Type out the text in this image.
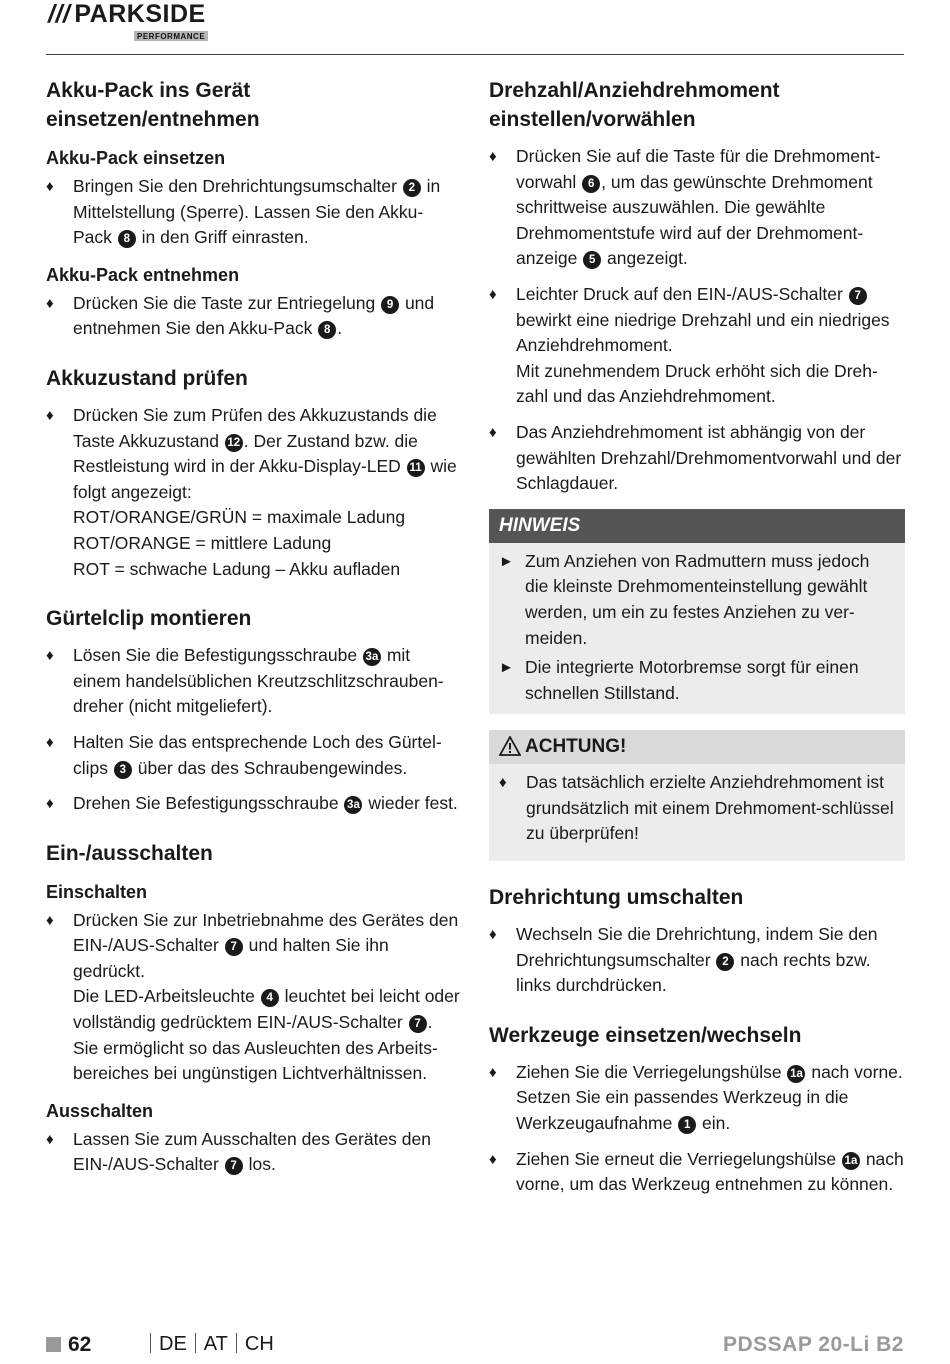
/// PARKSIDE
PERFORMANCE
Akku-Pack ins Gerät einsetzen/entnehmen
Akku-Pack einsetzen
♦ Bringen Sie den Drehrichtungsumschalter 2 in Mittelstellung (Sperre). Lassen Sie den Akku-Pack 8 in den Griff einrasten.
Akku-Pack entnehmen
♦ Drücken Sie die Taste zur Entriegelung 9 und entnehmen Sie den Akku-Pack 8 .
Akkuzustand prüfen
♦ Drücken Sie zum Prüfen des Akkuzustands die Taste Akkuzustand 12 . Der Zustand bzw. die Restleistung wird in der Akku-Display-LED 11 wie folgt angezeigt:
ROT/ORANGE/GRÜN = maximale Ladung
ROT/ORANGE = mittlere Ladung
ROT = schwache Ladung – Akku aufladen
Gürtelclip montieren
♦ Lösen Sie die Befestigungsschraube 3a mit einem handelsüblichen Kreutzschlitzschrauben-dreher (nicht mitgeliefert).
♦ Halten Sie das entsprechende Loch des Gürtel-clips 3 über das des Schraubengewindes.
♦ Drehen Sie Befestigungsschraube 3a wieder fest.
Ein-/ausschalten
Einschalten
♦ Drücken Sie zur Inbetriebnahme des Gerätes den EIN-/AUS-Schalter 7 und halten Sie ihn gedrückt.
Die LED-Arbeitsleuchte 4 leuchtet bei leicht oder vollständig gedrücktem EIN-/AUS-Schalter 7 .
Sie ermöglicht so das Ausleuchten des Arbeits-bereiches bei ungünstigen Lichtverhältnissen.
Ausschalten
♦ Lassen Sie zum Ausschalten des Gerätes den EIN-/AUS-Schalter 7 los.
Drehzahl/Anziehdrehmoment einstellen/vorwählen
♦ Drücken Sie auf die Taste für die Drehmoment-vorwahl 6 , um das gewünschte Drehmoment schrittweise auszuwählen. Die gewählte Drehmomentstufe wird auf der Drehmoment-anzeige 5 angezeigt.
♦ Leichter Druck auf den EIN-/AUS-Schalter 7 bewirkt eine niedrige Drehzahl und ein niedriges Anziehdrehmoment.
Mit zunehmendem Druck erhöht sich die Dreh-zahl und das Anziehdrehmoment.
♦ Das Anziehdrehmoment ist abhängig von der gewählten Drehzahl/Drehmomentvorwahl und der Schlagdauer.
HINWEIS
► Zum Anziehen von Radmuttern muss jedoch die kleinste Drehmomenteinstellung gewählt werden, um ein zu festes Anziehen zu ver-meiden.
► Die integrierte Motorbremse sorgt für einen schnellen Stillstand.
ACHTUNG!
♦ Das tatsächlich erzielte Anziehdrehmoment ist grundsätzlich mit einem Drehmoment-schlüssel zu überprüfen!
Drehrichtung umschalten
♦ Wechseln Sie die Drehrichtung, indem Sie den Drehrichtungsumschalter 2 nach rechts bzw. links durchdrücken.
Werkzeuge einsetzen/wechseln
♦ Ziehen Sie die Verriegelungshülse 1a nach vorne. Setzen Sie ein passendes Werkzeug in die Werkzeugaufnahme 1 ein.
♦ Ziehen Sie erneut die Verriegelungshülse 1a nach vorne, um das Werkzeug entnehmen zu können.
62	DE AT CH	PDSSAP 20-Li B2
